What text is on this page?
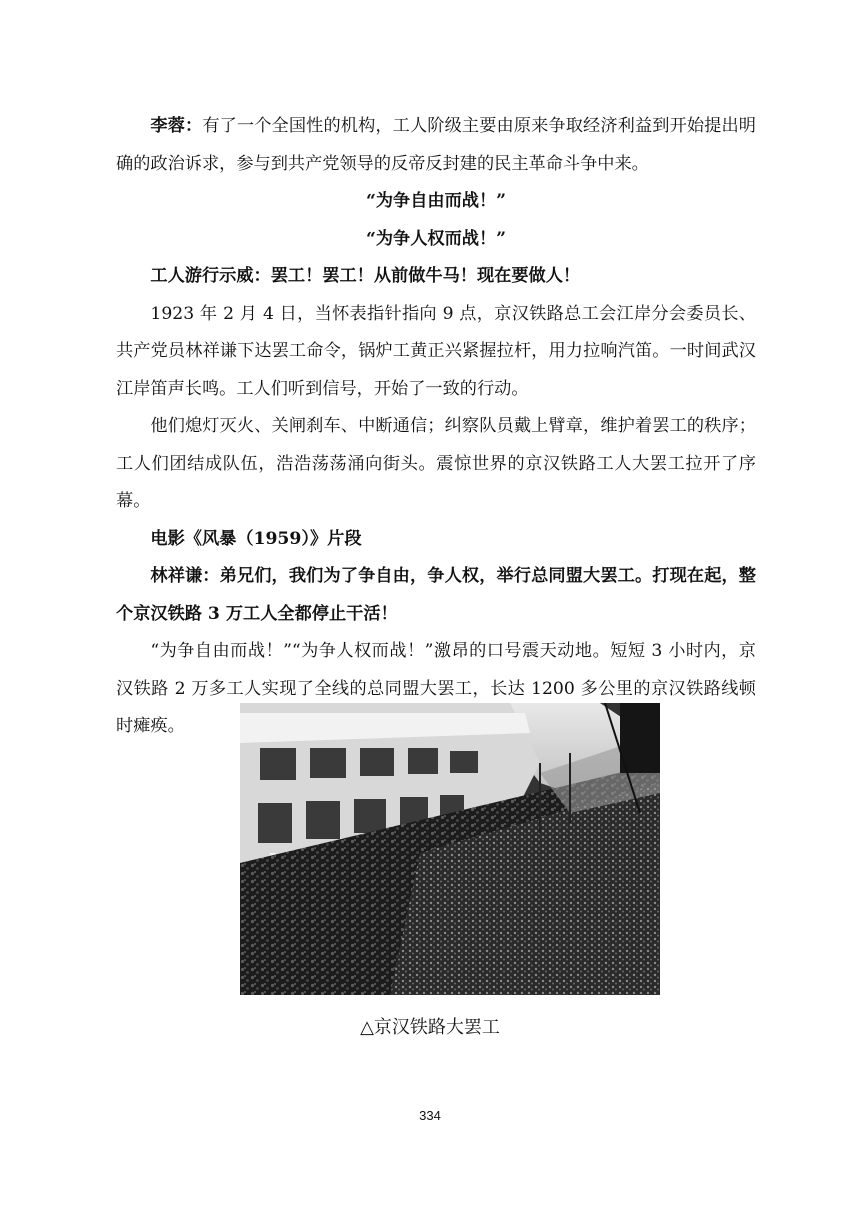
李蓉：有了一个全国性的机构，工人阶级主要由原来争取经济利益到开始提出明确的政治诉求，参与到共产党领导的反帝反封建的民主革命斗争中来。

“为争自由而战！”

“为争人权而战！”

工人游行示威：罢工！罢工！从前做牛马！现在要做人！

1923 年 2 月 4 日，当怀表指针指向 9 点，京汉铁路总工会江岸分会委员长、共产党员林祥谦下达罢工命令，锅炉工黄正兴紧握拉杆，用力拉响汽笛。一时间武汉江岸笛声长鸣。工人们听到信号，开始了一致的行动。

他们熄灯灭火、关闸刹车、中断通信；纠察队员戴上臂章，维护着罢工的秩序；工人们团结成队伍，浩浩荡荡涌向街头。震惊世界的京汉铁路工人大罢工拉开了序幕。

电影《风暴（1959）》片段

林祥谦：弟兄们，我们为了争自由，争人权，举行总同盟大罢工。打现在起，整个京汉铁路 3 万工人全都停止干活！

“为争自由而战！”“为争人权而战！”激昂的口号震天动地。短短 3 小时内，京汉铁路 2 万多工人实现了全线的总同盟大罢工，长达 1200 多公里的京汉铁路线顿时瘫痪。

△京汉铁路大罢工
334
